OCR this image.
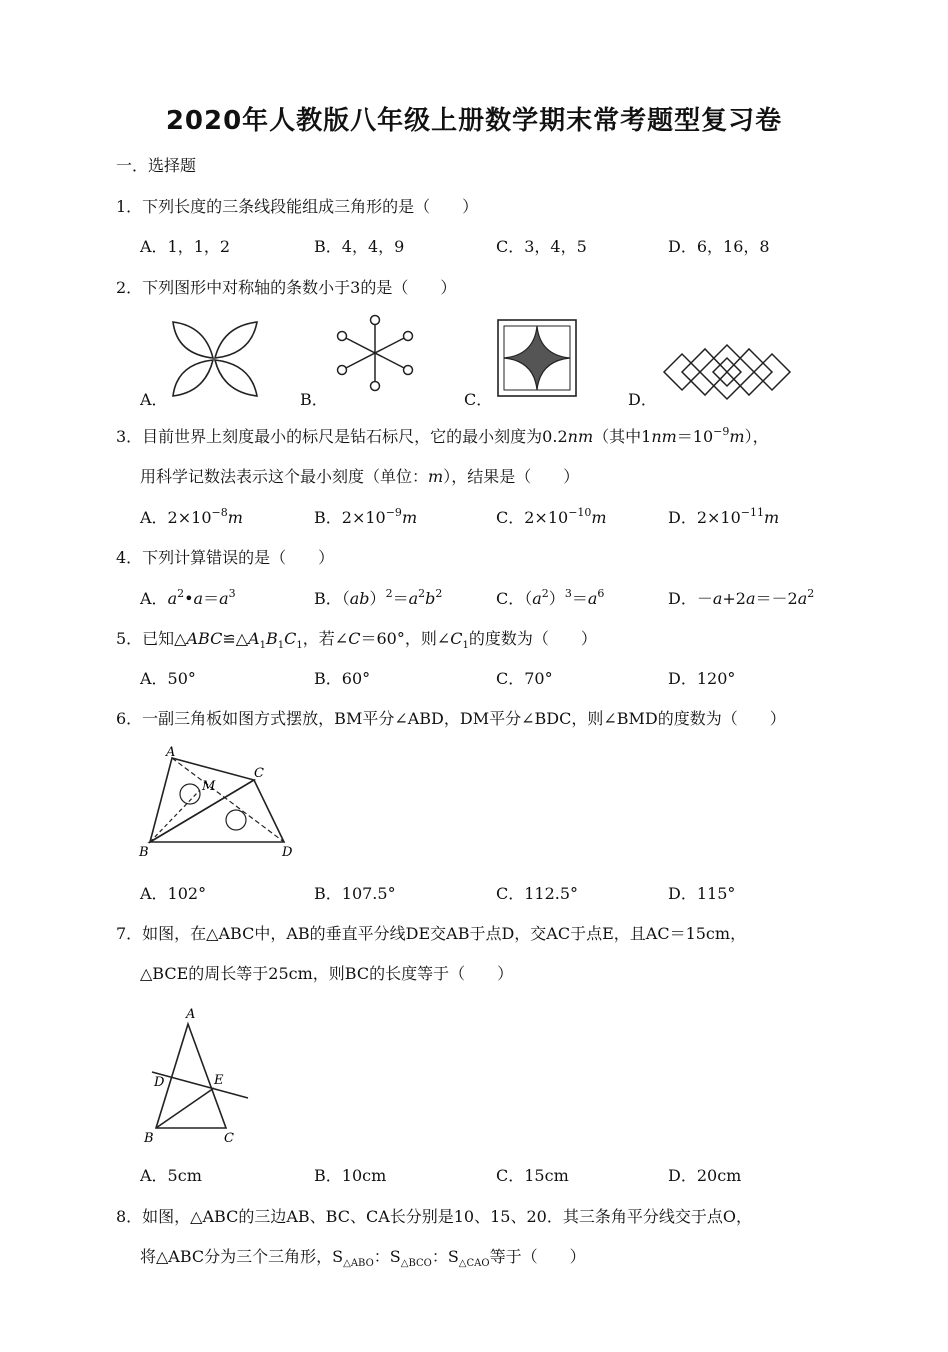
2020年人教版八年级上册数学期末常考题型复习卷
一．选择题
1．下列长度的三条线段能组成三角形的是（　　）
A．1，1，2	B．4，4，9	C．3，4，5	D．6，16，8
2．下列图形中对称轴的条数小于3的是（　　）
A．	B．	C．	D．
3．目前世界上刻度最小的标尺是钻石标尺，它的最小刻度为0.2nm（其中$1nm=10^{-9}m$），
用科学记数法表示这个最小刻度（单位：m），结果是（　　）
A．$2\times 10^{-8}m$	B．$2\times 10^{-9}m$	C．$2\times 10^{-10}m$	D．$2\times 10^{-11}m$
4．下列计算错误的是（　　）
A．$a^2•a=a^3$	B．$(ab)^2=a^2b^2$	C．$(a^2)^3=a^6$	D．$-a+2a=-2a^2$
5．已知$\triangle ABC≌\triangle A_1B_1C_1$，若∠C＝60°，则$\angle C_1$的度数为（　　）
A．50°	B．60°	C．70°	D．120°
6．一副三角板如图方式摆放，BM平分∠ABD，DM平分∠BDC，则∠BMD的度数为（　　）
A
C
M
B	D
A．102°	B．107.5°	C．112.5°	D．115°
7．如图，在△ABC中，AB的垂直平分线DE交AB于点D，交AC于点E，且AC＝15cm，
△BCE的周长等于25cm，则BC的长度等于（　　）
A
D	E
B	C
A．5cm	B．10cm	C．15cm	D．20cm
8．如图，△ABC的三边AB、BC、CA长分别是10、15、20．其三条角平分线交于点O，
将△ABC分为三个三角形，$S_{\triangle ABO}$：$S_{\triangle BCO}$：$S_{\triangle CAO}$等于（　　）
